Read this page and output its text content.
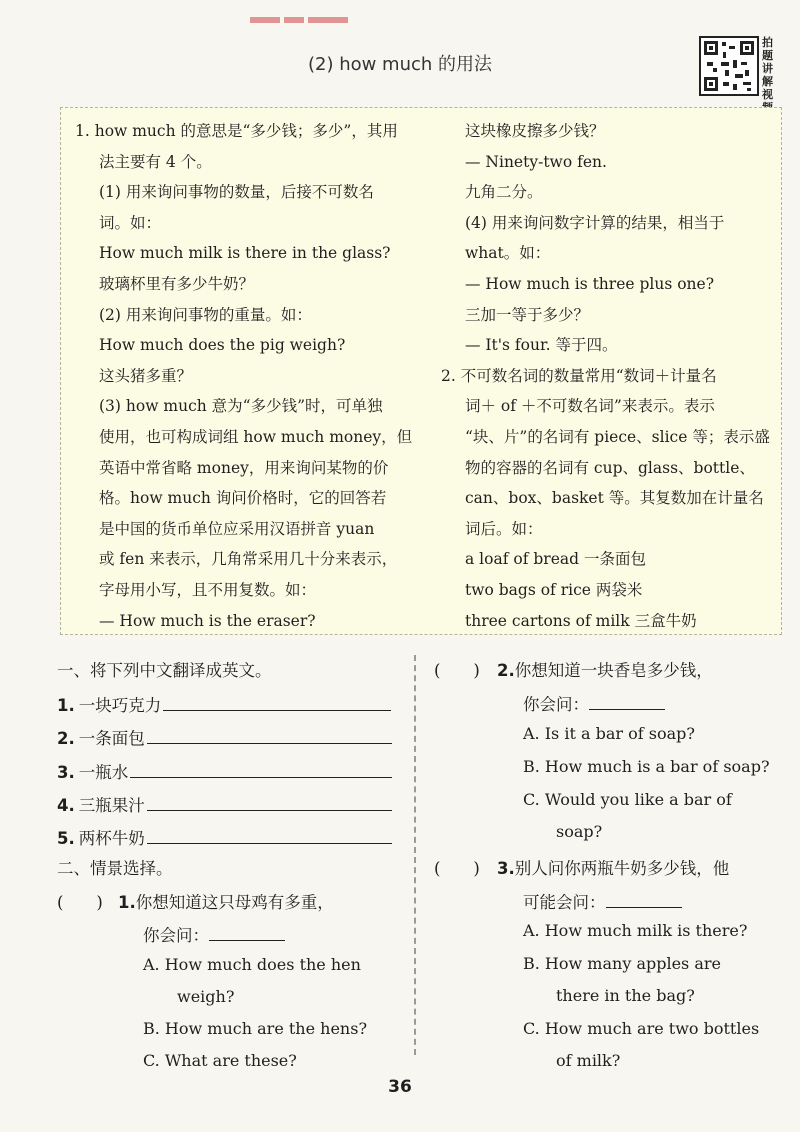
(2) how much 的用法
拍题讲解视

1. how much 的意思是“多少钱；多少”，其用

法主要有 4 个。

(1) 用来询问事物的数量，后接不可数名

词。如：

How much milk is there in the glass?

玻璃杯里有多少牛奶？

(2) 用来询问事物的重量。如：

How much does the pig weigh?

这头猪多重？

(3) how much 意为“多少钱”时，可单独

使用，也可构成词组 how much money，但

英语中常省略 money，用来询问某物的价

格。how much 询问价格时，它的回答若

是中国的货币单位应采用汉语拼音 yuan

或 fen 来表示，几角常采用几十分来表示，

字母用小写，且不用复数。如：

— How much is the eraser?

这块橡皮擦多少钱？

— Ninety-two fen.

九角二分。

(4) 用来询问数字计算的结果，相当于

what。如：

— How much is three plus one?

三加一等于多少？

— It's four. 等于四。

2. 不可数名词的数量常用“数词＋计量名

词＋ of ＋不可数名词”来表示。表示

“块、片”的名词有 piece、slice 等；表示盛

物的容器的名词有 cup、glass、bottle、

can、box、basket 等。其复数加在计量名

词后。如：

a loaf of bread 一条面包

two bags of rice 两袋米

three cartons of milk 三盒牛奶

一、将下列中文翻译成英文。
1. 一块巧克力
2. 一条面包
3. 一瓶水
4. 三瓶果汁
5. 两杯牛奶
二、情景选择。
(　　) 1.你想知道这只母鸡有多重，
你会问：
A. How much does the hen
weigh?
B. How much are the hens?
C. What are these?
(　　) 2.你想知道一块香皂多少钱，
你会问：
A. Is it a bar of soap?
B. How much is a bar of soap?
C. Would you like a bar of
soap?
(　　) 3.别人问你两瓶牛奶多少钱，他
可能会问：
A. How much milk is there?
B. How many apples are
there in the bag?
C. How much are two bottles
of milk?
36
